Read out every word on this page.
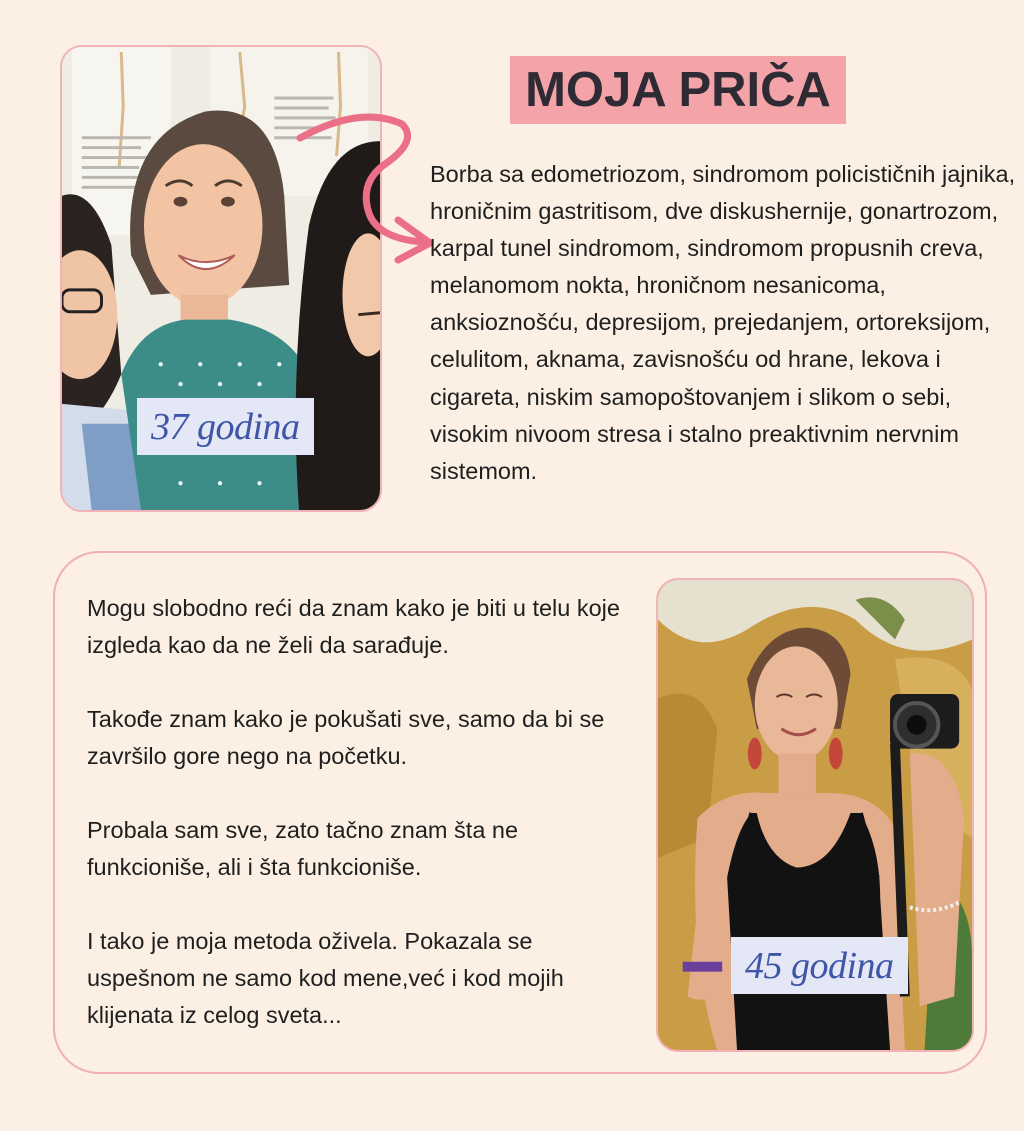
37 godina
MOJA PRIČA

Borba sa edometriozom, sindromom policističnih jajnika, hroničnim gastritisom, dve diskushernije, gonartrozom, karpal tunel sindromom, sindromom propusnih creva, melanomom nokta, hroničnom nesanicoma, anksioznošću, depresijom, prejedanjem, ortoreksijom, celulitom, aknama, zavisnošću od hrane, lekova i cigareta, niskim samopoštovanjem i slikom o sebi, visokim nivoom stresa i stalno preaktivnim nervnim sistemom.

Mogu slobodno reći da znam kako je biti u telu koje izgleda kao da ne želi da sarađuje.

Takođe znam kako je pokušati sve, samo da bi se završilo gore nego na početku.

Probala sam sve, zato tačno znam šta ne funkcioniše, ali i šta funkcioniše.

I tako je moja metoda oživela. Pokazala se uspešnom ne samo kod mene,već i kod mojih klijenata iz celog sveta...

45 godina
